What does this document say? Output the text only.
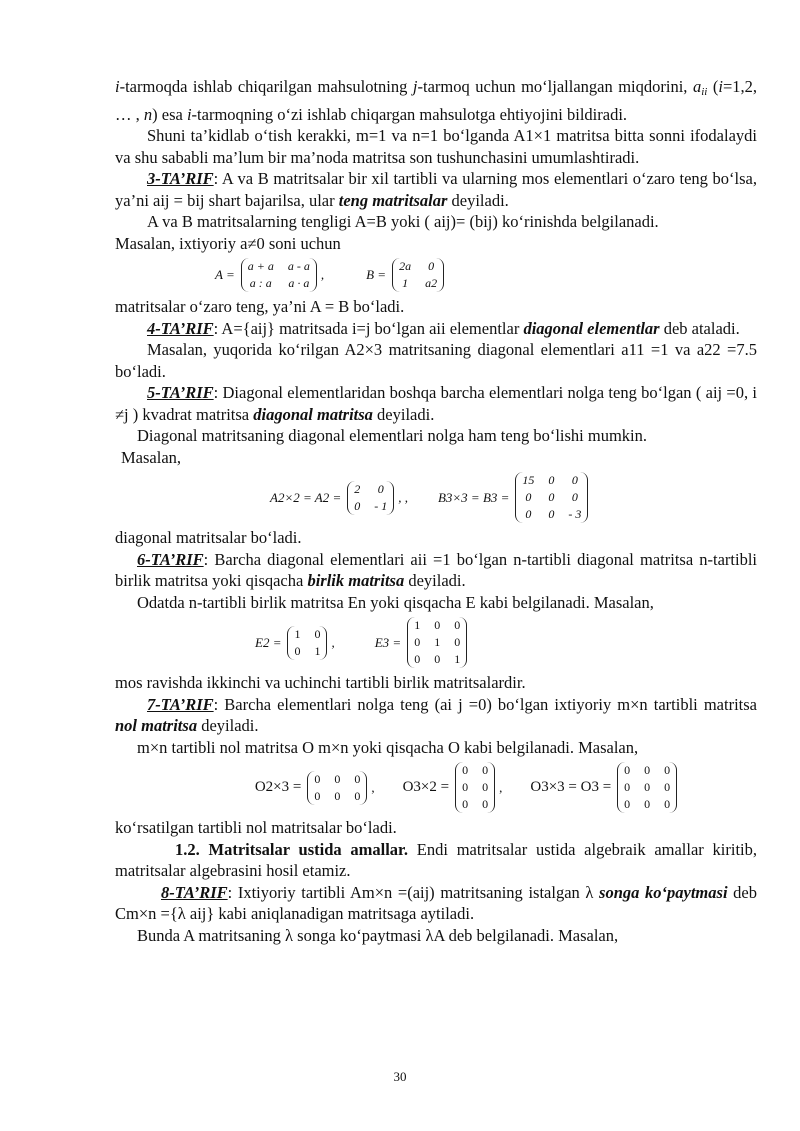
i-tarmoqda ishlab chiqarilgan mahsulotning j-tarmoq uchun mo‘ljallangan miqdorini, $a_{ii}$ (i=1,2, … , n) esa i-tarmoqning o‘zi ishlab chiqargan mahsulotga ehtiyojini bildiradi.

Shuni ta’kidlab o‘tish kerakki, m=1 va n=1 bo‘lganda A1×1 matritsa bitta sonni ifodalaydi va shu sababli ma’lum bir ma’noda matritsa son tushunchasini umumlashtiradi.

3-TA’RIF: A va B matritsalar bir xil tartibli va ularning mos elementlari o‘zaro teng bo‘lsa, ya’ni aij = bij shart bajarilsa, ular teng matritsalar deyiladi.

A va B matritsalarning tengligi A=B yoki ( aij)= (bij) ko‘rinishda belgilanadi.

Masalan, ixtiyoriy a≠0 soni uchun

A =
a + a a - a
a : a a · a
,	B =
2a 0
1 a2

matritsalar o‘zaro teng, ya’ni A = B bo‘ladi.

4-TA’RIF: A={aij} matritsada i=j bo‘lgan aii elementlar diagonal elementlar deb ataladi.

Masalan, yuqorida ko‘rilgan A2×3 matritsaning diagonal elementlari a11 =1 va a22 =7.5 bo‘ladi.

5-TA’RIF: Diagonal elementlaridan boshqa barcha elementlari nolga teng bo‘lgan ( aij =0, i ≠j ) kvadrat matritsa diagonal matritsa deyiladi.

Diagonal matritsaning diagonal elementlari nolga ham teng bo‘lishi mumkin.

Masalan,

A2×2 = A2 =
2 0
0 - 1
, , B3×3 = B3 =
15 0 0
0 0 0
0 0 - 3

diagonal matritsalar bo‘ladi.

6-TA’RIF: Barcha diagonal elementlari aii =1 bo‘lgan n-tartibli diagonal matritsa n-tartibli birlik matritsa yoki qisqacha birlik matritsa deyiladi.

Odatda n-tartibli birlik matritsa En yoki qisqacha E kabi belgilanadi. Masalan,

E2 =
1 0
0 1
,	E3 =
1 0 0
0 1 0
0 0 1

mos ravishda ikkinchi va uchinchi tartibli birlik matritsalardir.

7-TA’RIF: Barcha elementlari nolga teng (ai j =0) bo‘lgan ixtiyoriy m×n tartibli matritsa nol matritsa deyiladi.

m×n tartibli nol matritsa O m×n yoki qisqacha O kabi belgilanadi. Masalan,

O2×3 =
0 0 0
0 0 0
, O3×2 =
0 0
0 0
0 0
, O3×3 = O3 =
0 0 0
0 0 0
0 0 0

ko‘rsatilgan tartibli nol matritsalar bo‘ladi.

1.2. Matritsalar ustida amallar. Endi matritsalar ustida algebraik amallar kiritib, matritsalar algebrasini hosil etamiz.

8-TA’RIF: Ixtiyoriy tartibli Am×n =(aij) matritsaning istalgan λ songa ko‘paytmasi deb Cm×n ={λ aij} kabi aniqlanadigan matritsaga aytiladi.

Bunda A matritsaning λ songa ko‘paytmasi λA deb belgilanadi. Masalan,

30
